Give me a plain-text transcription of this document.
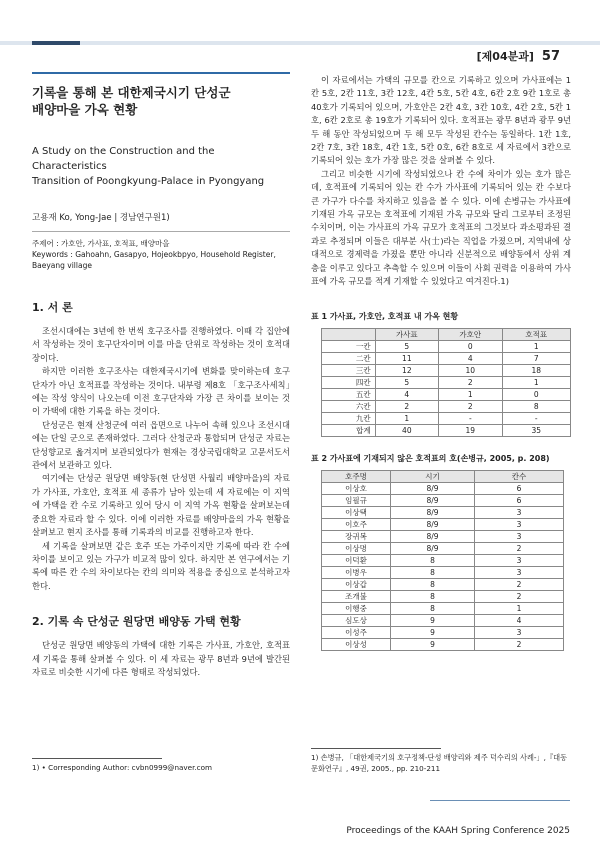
[제04분과] 57
기록을 통해 본 대한제국시기 단성군
배양마을 가옥 현황
A Study on the Construction and the Characteristics
Transition of Poongkyung-Palace in Pyongyang
고용재 Ko, Yong-Jae | 경남연구원1)
주제어 : 가호안, 가사표, 호적표, 배양마을
Keywords : Gahoahn, Gasapyo, Hojeokbpyo, Household Register, Baeyang village
1. 서 론

조선시대에는 3년에 한 번씩 호구조사를 진행하였다. 이때 각 집안에서 작성하는 것이 호구단자이며 이를 마을 단위로 작성하는 것이 호적대장이다.

하지만 이러한 호구조사는 대한제국시기에 변화를 맞이하는데 호구단자가 아닌 호적표를 작성하는 것이다. 내부령 제8호 「호구조사세칙」에는 작성 양식이 나오는데 이전 호구단자와 가장 큰 차이를 보이는 것이 가택에 대한 기록을 하는 것이다.

단성군은 현재 산청군에 여러 읍면으로 나누어 속해 있으나 조선시대에는 단일 군으로 존재하였다. 그러다 산청군과 통합되며 단성군 자료는 단성향교로 옮겨지며 보관되었다가 현재는 경상국립대학교 고문서도서관에서 보관하고 있다.

여기에는 단성군 원당면 배양동(현 단성면 사월리 배양마을)의 자료가 가사표, 가호안, 호적표 세 종류가 남아 있는데 세 자료에는 이 지역에 가택을 칸 수로 기록하고 있어 당시 이 지역 가옥 현황을 살펴보는데 중요한 자료라 할 수 있다. 이에 이러한 자료를 배양마을의 가옥 현황을 살펴보고 현지 조사를 통해 기록과의 비교를 진행하고자 한다.

세 기록을 살펴보면 같은 호주 또는 가주이지만 기록에 따라 칸 수에 차이를 보이고 있는 가구가 비교적 많이 있다. 하지만 본 연구에서는 기록에 따른 칸 수의 차이보다는 칸의 의미와 적용을 중심으로 분석하고자 한다.

2. 기록 속 단성군 원당면 배양동 가택 현황

단성군 원당면 배양동의 가택에 대한 기록은 가사표, 가호안, 호적표 세 기록을 통해 살펴볼 수 있다. 이 세 자료는 광무 8년과 9년에 발간된 자료로 비슷한 시기에 다른 형태로 작성되었다.

1) • Corresponding Author: cvbn0999@naver.com

이 자료에서는 가택의 규모를 칸으로 기록하고 있으며 가사표에는 1칸 5호, 2칸 11호, 3칸 12호, 4칸 5호, 5칸 4호, 6칸 2호 9칸 1호로 총 40호가 기록되어 있으며, 가호안은 2칸 4호, 3칸 10호, 4칸 2호, 5칸 1호, 6칸 2호로 총 19호가 기록되어 있다. 호적표는 광무 8년과 광무 9년 두 해 동안 작성되었으며 두 해 모두 작성된 칸수는 동일하다. 1칸 1호, 2칸 7호, 3칸 18호, 4칸 1호, 5칸 0호, 6칸 8호로 세 자료에서 3칸으로 기록되어 있는 호가 가장 많은 것을 살펴볼 수 있다.

그리고 비슷한 시기에 작성되었으나 칸 수에 차이가 있는 호가 많은데, 호적표에 기록되어 있는 칸 수가 가사표에 기록되어 있는 칸 수보다 큰 가구가 다수를 차지하고 있음을 볼 수 있다. 이에 손병규는 가사표에 기재된 가옥 규모는 호적표에 기재된 가옥 규모와 달리 그로부터 조정된 수치이며, 이는 가사표의 가옥 규모가 호적표의 그것보다 과소평과된 결과로 추정되며 이들은 대부분 사(士)라는 직업을 가졌으며, 지역내에 상대적으로 경제력을 가졌을 뿐만 아니라 신분적으로 배양동에서 상위 계층을 이루고 있다고 추측할 수 있으며 이들이 사회 권력을 이용하여 가사표에 가옥 규모를 적게 기재할 수 있었다고 여겨진다.1)

표 1 가사표, 가호안, 호적표 내 가옥 현황
	가사표	가호안	호적표
一칸	5	0	1
二칸	11	4	7
三칸	12	10	18
四칸	5	2	1
五칸	4	1	0
六칸	2	2	8
九칸	1	-	-
합계	40	19	35
표 2 가사표에 기재되지 않은 호적표의 호(손병규, 2005, p. 208)
호주명	시기	칸수
이상호	8/9	6
임필규	8/9	6
이상택	8/9	3
이호주	8/9	3
장귀복	8/9	3
이상명	8/9	2
이덕환	8	3
이병우	8	3
이상갑	8	2
조개불	8	2
이행중	8	1
심도상	9	4
이성주	9	3
이상성	9	2
1) 손병규, 「대한제국기의 호구정책-단성 배양리와 제주 덕수리의 사례-」,『대동문화연구』, 49권, 2005., pp. 210-211
Proceedings of the KAAH Spring Conference 2025
